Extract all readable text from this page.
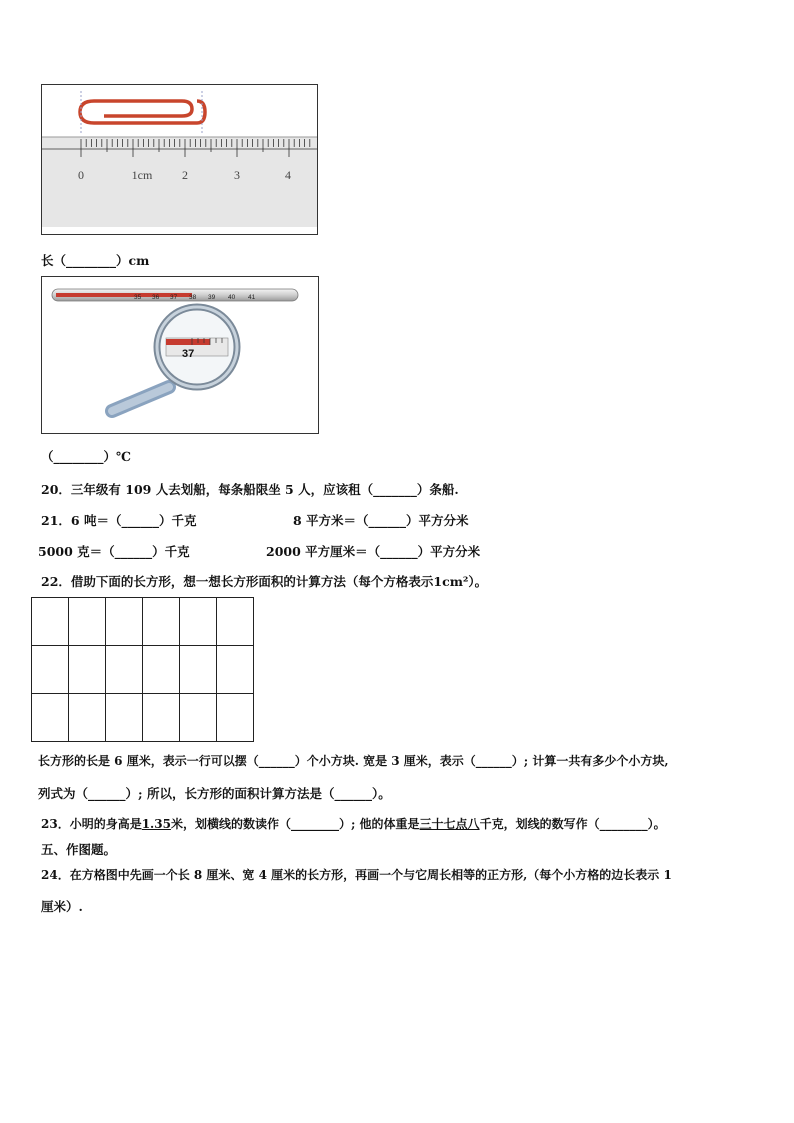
0	1cm 2	3	4
长（________）cm
35 36 37 38 39 40 41
37
（________）℃
20．三年级有 109 人去划船，每条船限坐 5 人，应该租（_______）条船.
21．6 吨＝（______）千克	8 平方米＝（______）平方分米
5000 克＝（______）千克	2000 平方厘米＝（______）平方分米
22．借助下面的长方形，想一想长方形面积的计算方法（每个方格表示1cm²）。

长方形的长是 6 厘米，表示一行可以摆（______）个小方块. 宽是 3 厘米，表示（______）; 计算一共有多少个小方块,
列式为（______）; 所以，长方形的面积计算方法是（______）。
23．小明的身高是1.35米，划横线的数读作（________）; 他的体重是三十七点八千克，划线的数写作（________）。
五、作图题。
24．在方格图中先画一个长 8 厘米、宽 4 厘米的长方形，再画一个与它周长相等的正方形,（每个小方格的边长表示 1
厘米）.
